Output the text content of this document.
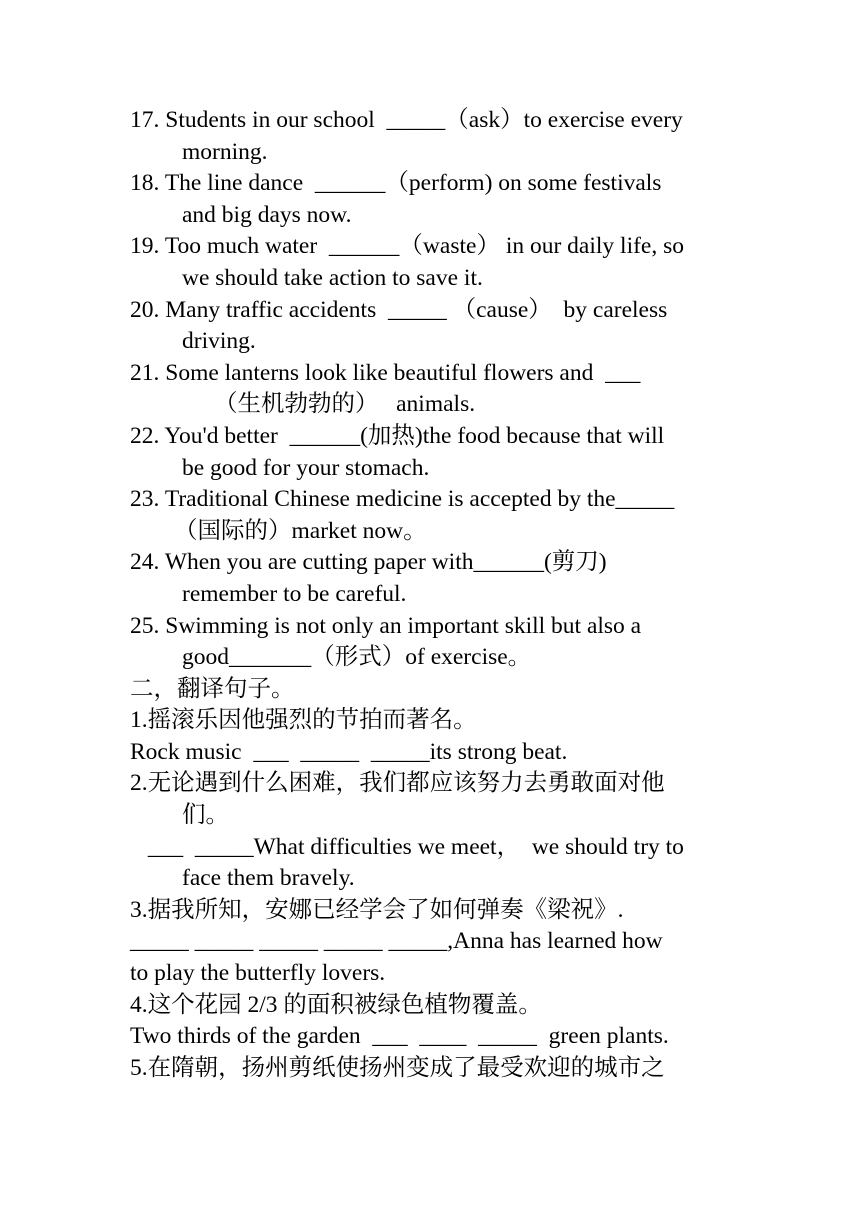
17. Students in our school  _____（ask）to exercise every
morning.
18. The line dance  ______（perform) on some festivals
and big days now.
19. Too much water  ______（waste） in our daily life, so
we should take action to save it.
20. Many traffic accidents  _____ （cause）  by careless
driving.
21. Some lanterns look like beautiful flowers and  ___
（生机勃勃的）   animals.
22. You'd better  ______(加热)the food because that will
be good for your stomach.
23. Traditional Chinese medicine is accepted by the_____
（国际的）market now。
24. When you are cutting paper with______(剪刀)
remember to be careful.
25. Swimming is not only an important skill but also a
good_______（形式）of exercise。
二，翻译句子。
1.摇滚乐因他强烈的节拍而著名。
Rock music  ___  _____  _____its strong beat.
2.无论遇到什么困难，我们都应该努力去勇敢面对他
们。
___  _____What difficulties we meet，  we should try to
face them bravely.
3.据我所知，安娜已经学会了如何弹奏《梁祝》.
_____ _____ _____ _____ _____,Anna has learned how
to play the butterfly lovers.
4.这个花园 2/3 的面积被绿色植物覆盖。
Two thirds of the garden  ___  ____  _____  green plants.
5.在隋朝，扬州剪纸使扬州变成了最受欢迎的城市之
